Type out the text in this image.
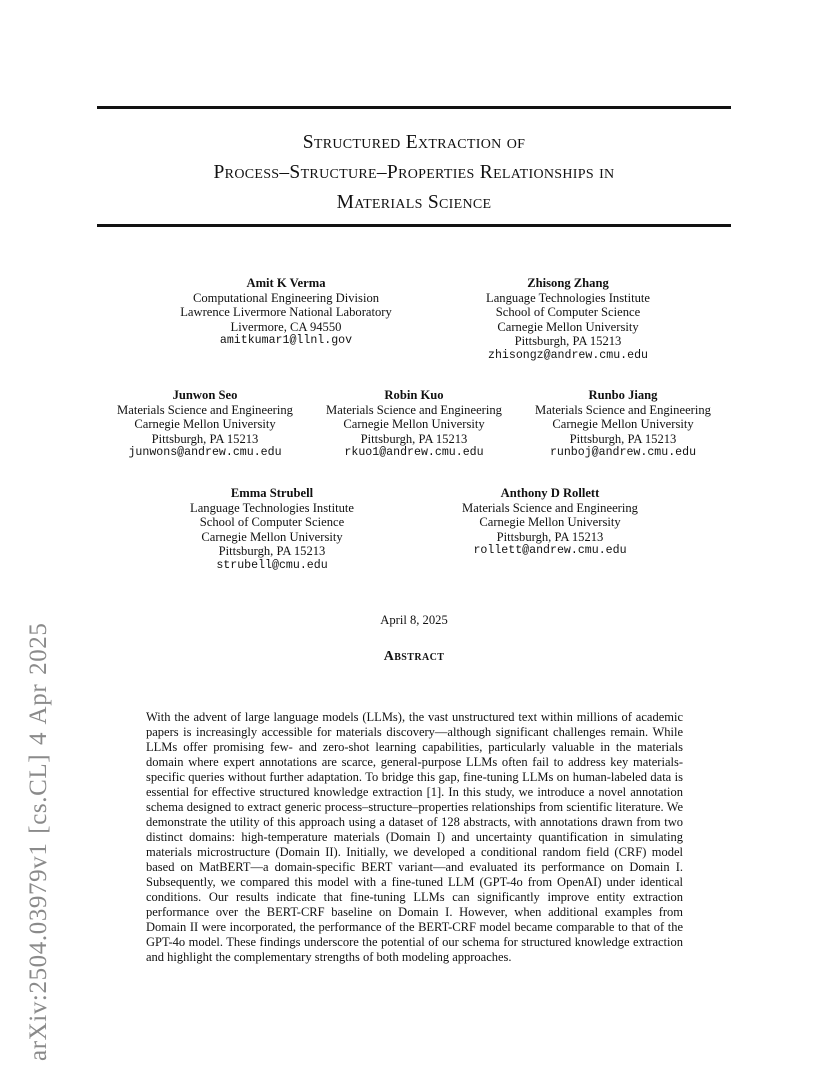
arXiv:2504.03979v1 [cs.CL] 4 Apr 2025
Structured Extraction of
Process–Structure–Properties Relationships in
Materials Science
Amit K Verma
Computational Engineering Division
Lawrence Livermore National Laboratory
Livermore, CA 94550
amitkumar1@llnl.gov
Zhisong Zhang
Language Technologies Institute
School of Computer Science
Carnegie Mellon University
Pittsburgh, PA 15213
zhisongz@andrew.cmu.edu
Junwon Seo
Materials Science and Engineering
Carnegie Mellon University
Pittsburgh, PA 15213
junwons@andrew.cmu.edu
Robin Kuo
Materials Science and Engineering
Carnegie Mellon University
Pittsburgh, PA 15213
rkuo1@andrew.cmu.edu
Runbo Jiang
Materials Science and Engineering
Carnegie Mellon University
Pittsburgh, PA 15213
runboj@andrew.cmu.edu
Emma Strubell
Language Technologies Institute
School of Computer Science
Carnegie Mellon University
Pittsburgh, PA 15213
strubell@cmu.edu
Anthony D Rollett
Materials Science and Engineering
Carnegie Mellon University
Pittsburgh, PA 15213
rollett@andrew.cmu.edu
April 8, 2025
Abstract
With the advent of large language models (LLMs), the vast unstructured text within millions of academic papers is increasingly accessible for materials discovery—although significant challenges remain. While LLMs offer promising few- and zero-shot learning capabilities, particularly valuable in the materials domain where expert annotations are scarce, general-purpose LLMs often fail to address key materials-specific queries without further adaptation. To bridge this gap, fine-tuning LLMs on human-labeled data is essential for effective structured knowledge extraction [1]. In this study, we introduce a novel annotation schema designed to extract generic process–structure–properties relationships from scientific literature. We demonstrate the utility of this approach using a dataset of 128 abstracts, with annotations drawn from two distinct domains: high-temperature materials (Domain I) and uncertainty quantification in simulating materials microstructure (Domain II). Initially, we developed a conditional random field (CRF) model based on MatBERT—a domain-specific BERT variant—and evaluated its performance on Domain I. Subsequently, we compared this model with a fine-tuned LLM (GPT-4o from OpenAI) under identical conditions. Our results indicate that fine-tuning LLMs can significantly improve entity extraction performance over the BERT-CRF baseline on Domain I. However, when additional examples from Domain II were incorporated, the performance of the BERT-CRF model became comparable to that of the GPT-4o model. These findings underscore the potential of our schema for structured knowledge extraction and highlight the complementary strengths of both modeling approaches.
